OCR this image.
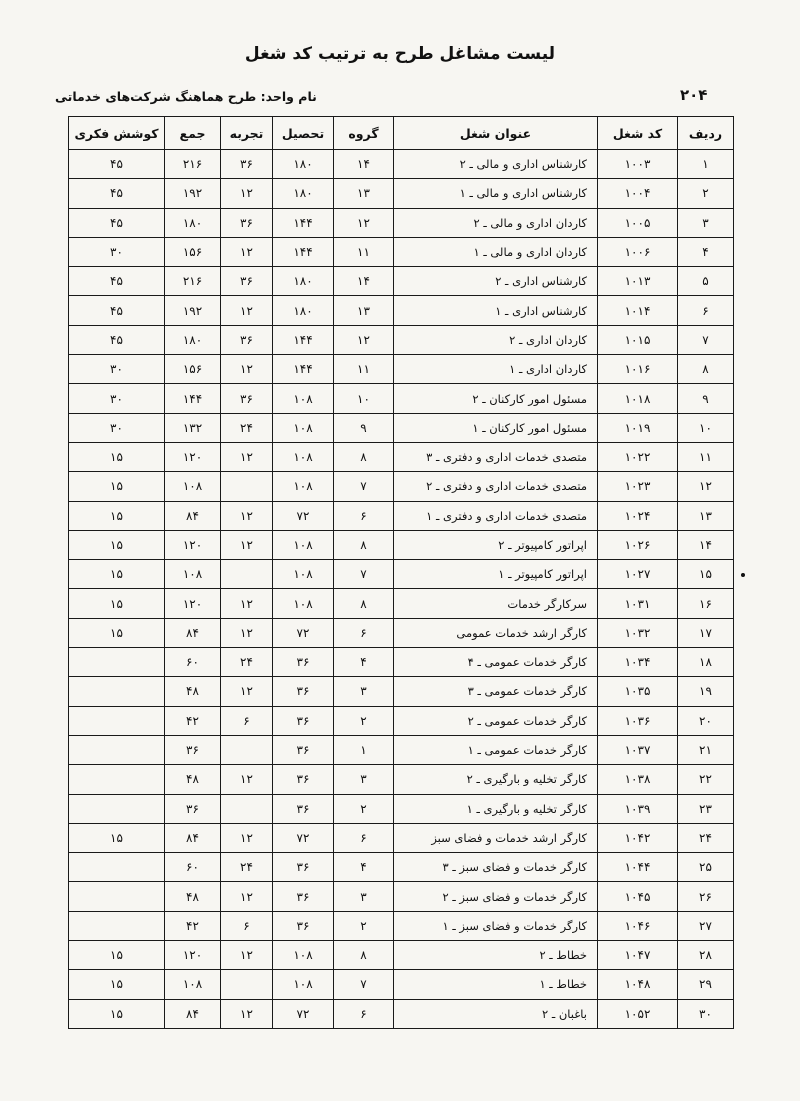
لیست مشاغل طرح به ترتیب کد شغل
نام واحد: طرح هماهنگ شرکت‌های خدماتی	۲۰۴
ردیف	کد شغل	عنوان شغل	گروه	تحصیل	تجربه	جمع	کوشش فکری
۱	۱۰۰۳	کارشناس اداری و مالی ـ ۲	۱۴	۱۸۰	۳۶	۲۱۶	۴۵
۲	۱۰۰۴	کارشناس اداری و مالی ـ ۱	۱۳	۱۸۰	۱۲	۱۹۲	۴۵
۳	۱۰۰۵	کاردان اداری و مالی ـ ۲	۱۲	۱۴۴	۳۶	۱۸۰	۴۵
۴	۱۰۰۶	کاردان اداری و مالی ـ ۱	۱۱	۱۴۴	۱۲	۱۵۶	۳۰
۵	۱۰۱۳	کارشناس اداری ـ ۲	۱۴	۱۸۰	۳۶	۲۱۶	۴۵
۶	۱۰۱۴	کارشناس اداری ـ ۱	۱۳	۱۸۰	۱۲	۱۹۲	۴۵
۷	۱۰۱۵	کاردان اداری ـ ۲	۱۲	۱۴۴	۳۶	۱۸۰	۴۵
۸	۱۰۱۶	کاردان اداری ـ ۱	۱۱	۱۴۴	۱۲	۱۵۶	۳۰
۹	۱۰۱۸	مسئول امور کارکنان ـ ۲	۱۰	۱۰۸	۳۶	۱۴۴	۳۰
۱۰	۱۰۱۹	مسئول امور کارکنان ـ ۱	۹	۱۰۸	۲۴	۱۳۲	۳۰
۱۱	۱۰۲۲	متصدی خدمات اداری و دفتری ـ ۳	۸	۱۰۸	۱۲	۱۲۰	۱۵
۱۲	۱۰۲۳	متصدی خدمات اداری و دفتری ـ ۲	۷	۱۰۸		۱۰۸	۱۵
۱۳	۱۰۲۴	متصدی خدمات اداری و دفتری ـ ۱	۶	۷۲	۱۲	۸۴	۱۵
۱۴	۱۰۲۶	اپراتور کامپیوتر ـ ۲	۸	۱۰۸	۱۲	۱۲۰	۱۵
۱۵	۱۰۲۷	اپراتور کامپیوتر ـ ۱	۷	۱۰۸		۱۰۸	۱۵
۱۶	۱۰۳۱	سرکارگر خدمات	۸	۱۰۸	۱۲	۱۲۰	۱۵
۱۷	۱۰۳۲	کارگر ارشد خدمات عمومی	۶	۷۲	۱۲	۸۴	۱۵
۱۸	۱۰۳۴	کارگر خدمات عمومی ـ ۴	۴	۳۶	۲۴	۶۰	
۱۹	۱۰۳۵	کارگر خدمات عمومی ـ ۳	۳	۳۶	۱۲	۴۸	
۲۰	۱۰۳۶	کارگر خدمات عمومی ـ ۲	۲	۳۶	۶	۴۲	
۲۱	۱۰۳۷	کارگر خدمات عمومی ـ ۱	۱	۳۶		۳۶	
۲۲	۱۰۳۸	کارگر تخلیه و بارگیری ـ ۲	۳	۳۶	۱۲	۴۸	
۲۳	۱۰۳۹	کارگر تخلیه و بارگیری ـ ۱	۲	۳۶		۳۶	
۲۴	۱۰۴۲	کارگر ارشد خدمات و فضای سبز	۶	۷۲	۱۲	۸۴	۱۵
۲۵	۱۰۴۴	کارگر خدمات و فضای سبز ـ ۳	۴	۳۶	۲۴	۶۰	
۲۶	۱۰۴۵	کارگر خدمات و فضای سبز ـ ۲	۳	۳۶	۱۲	۴۸	
۲۷	۱۰۴۶	کارگر خدمات و فضای سبز ـ ۱	۲	۳۶	۶	۴۲	
۲۸	۱۰۴۷	خطاط ـ ۲	۸	۱۰۸	۱۲	۱۲۰	۱۵
۲۹	۱۰۴۸	خطاط ـ ۱	۷	۱۰۸		۱۰۸	۱۵
۳۰	۱۰۵۲	باغبان ـ ۲	۶	۷۲	۱۲	۸۴	۱۵
